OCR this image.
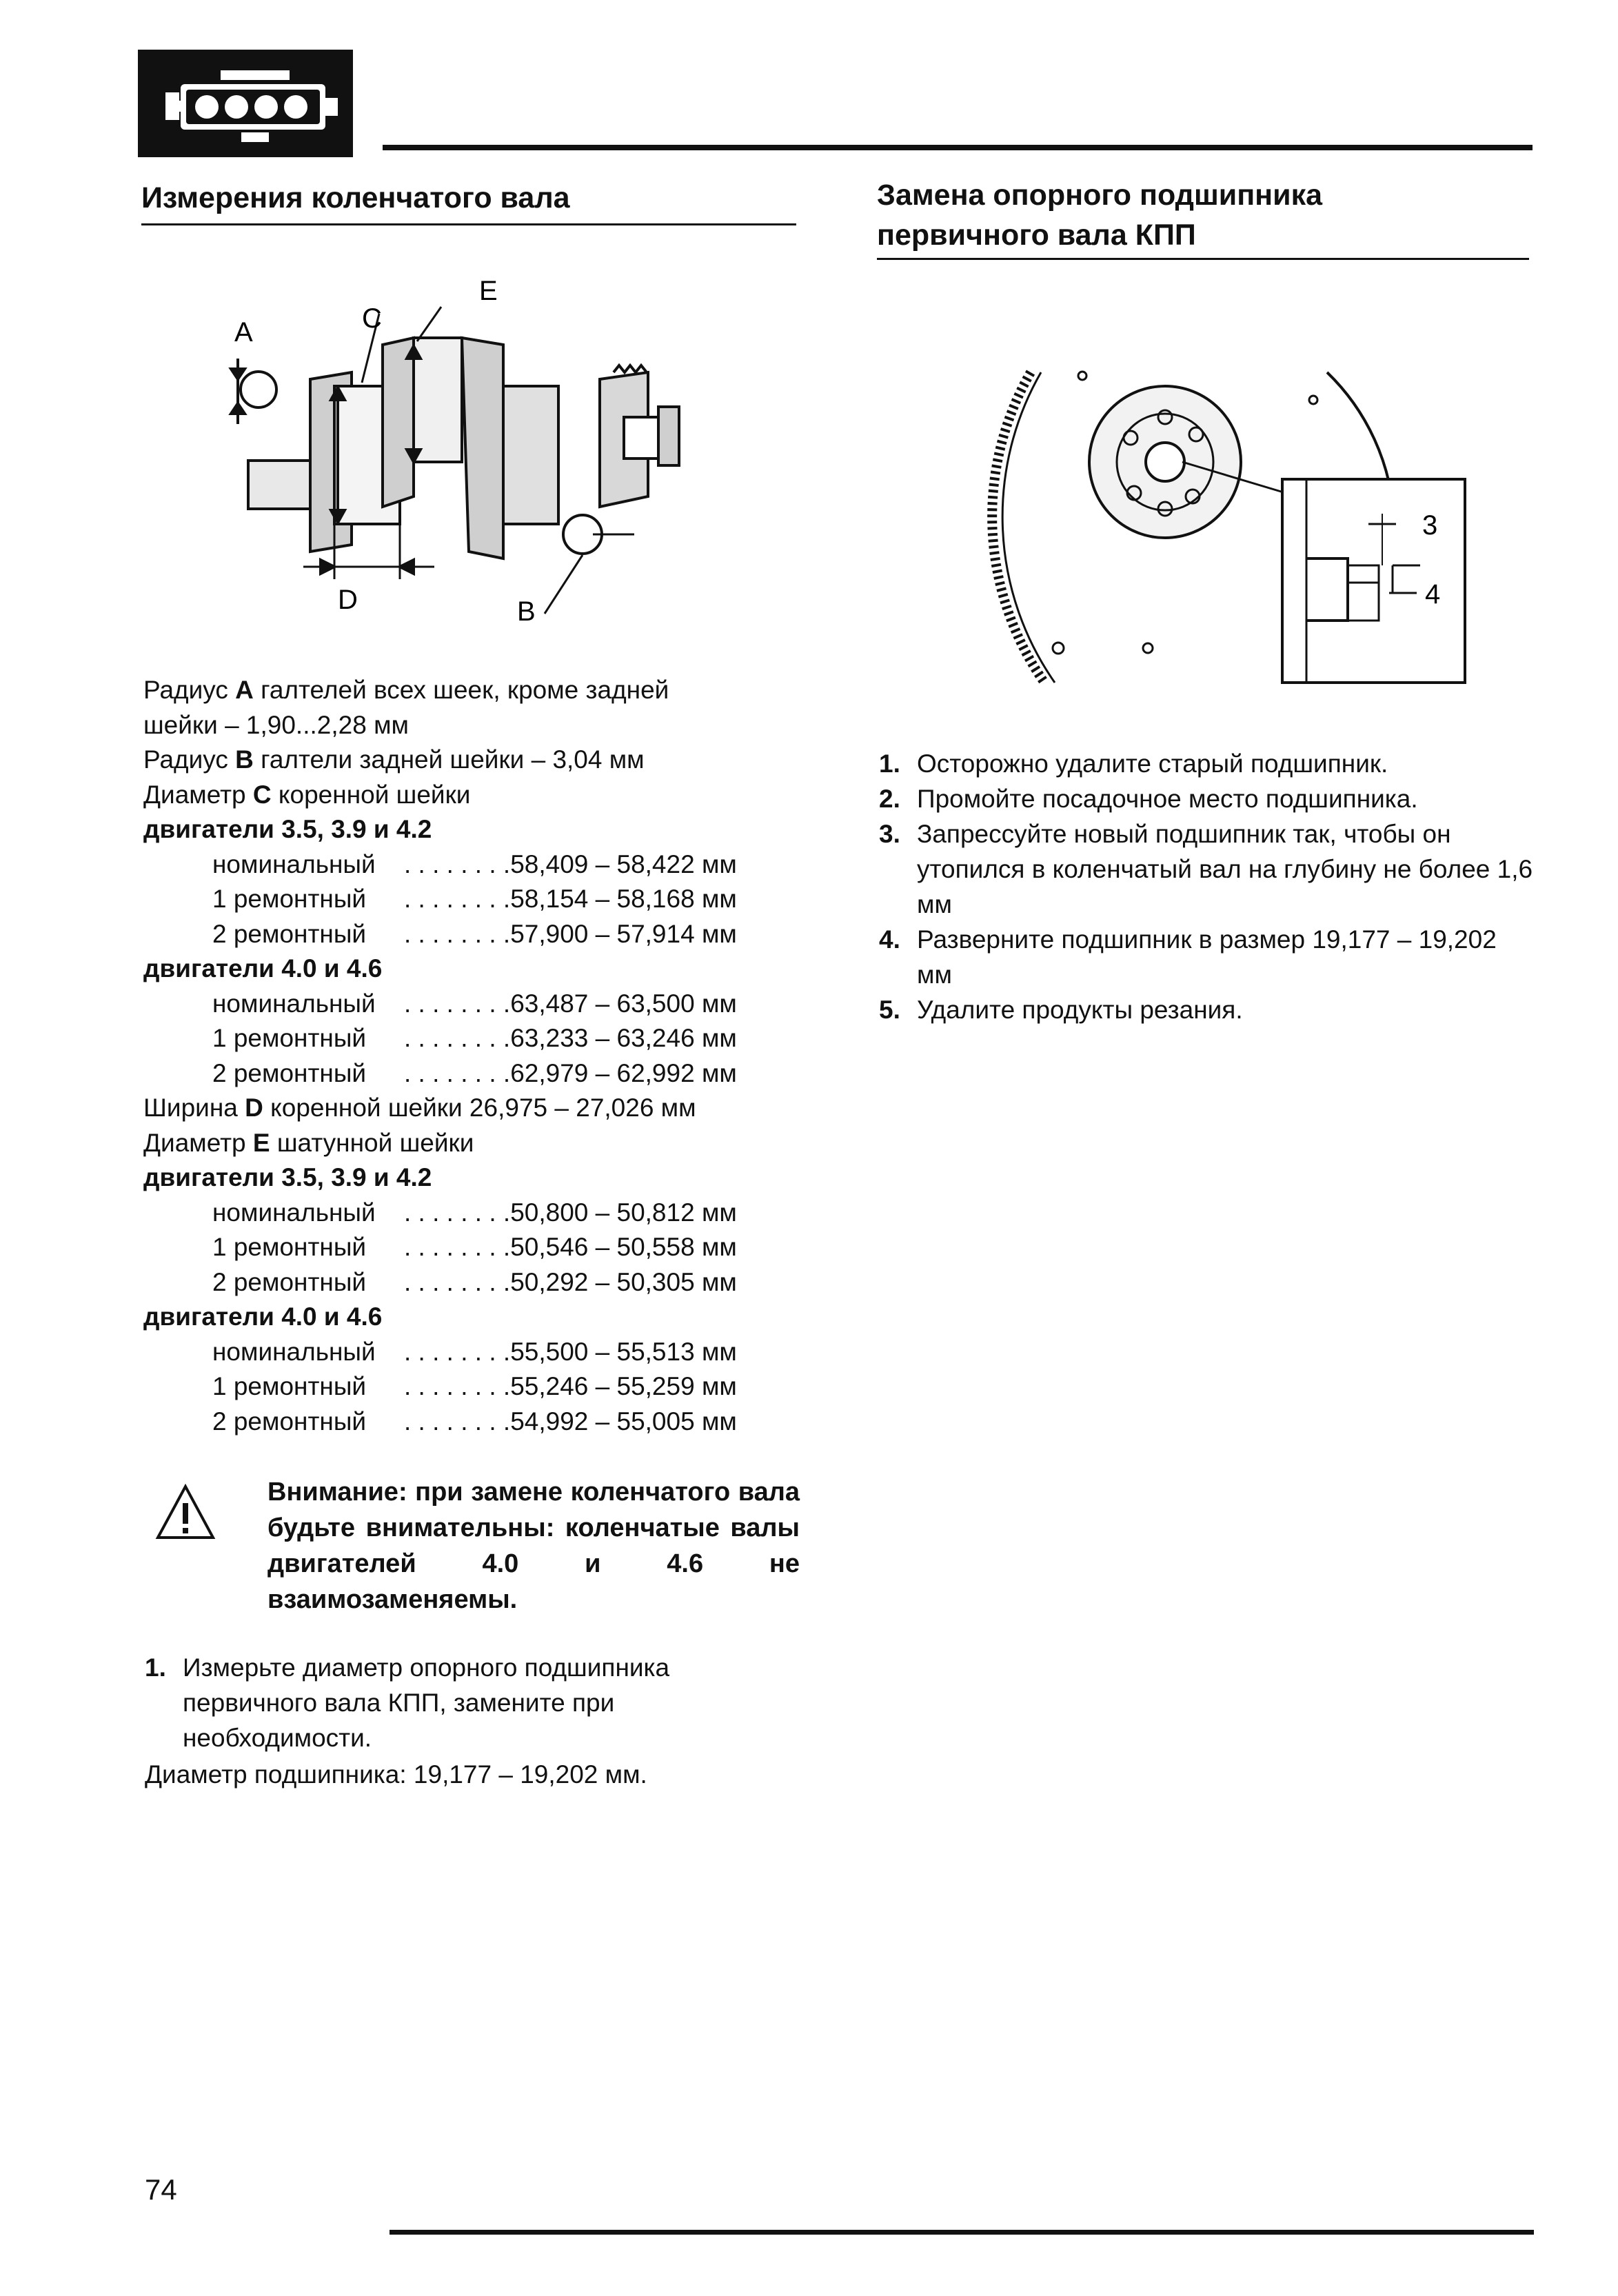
Измерения коленчатого вала	Замена опорного подшипника
первичного вала КПП
A	C
E
D	B
3
4
Радиус A галтелей всех шеек, кроме задней
шейки – 1,90...2,28 мм
Радиус B галтели задней шейки – 3,04 мм
Диаметр C коренной шейки
двигатели 3.5, 3.9 и 4.2
номинальный	. . . . . . . .58,409 – 58,422 мм
1 ремонтный	. . . . . . . .58,154 – 58,168 мм
2 ремонтный	. . . . . . . .57,900 – 57,914 мм
двигатели 4.0 и 4.6
номинальный	. . . . . . . .63,487 – 63,500 мм
1 ремонтный	. . . . . . . .63,233 – 63,246 мм
2 ремонтный	. . . . . . . .62,979 – 62,992 мм
Ширина D коренной шейки 26,975 – 27,026 мм
Диаметр E шатунной шейки
двигатели 3.5, 3.9 и 4.2
номинальный	. . . . . . . .50,800 – 50,812 мм
1 ремонтный	. . . . . . . .50,546 – 50,558 мм
2 ремонтный	. . . . . . . .50,292 – 50,305 мм
двигатели 4.0 и 4.6
номинальный	. . . . . . . .55,500 – 55,513 мм
1 ремонтный	. . . . . . . .55,246 – 55,259 мм
2 ремонтный	. . . . . . . .54,992 – 55,005 мм
Внимание: при замене коленчатого вала будьте внимательны: коленчатые валы двигателей 4.0 и 4.6 не взаимозаменяемы.
1. Измерьте диаметр опорного подшипника первичного вала КПП, замените при необходимости.
Диаметр подшипника: 19,177 – 19,202 мм.
1. Осторожно удалите старый подшипник.
2. Промойте посадочное место подшипника.
3. Запрессуйте новый подшипник так, чтобы он утопился в коленчатый вал на глубину не более 1,6 мм
4. Разверните подшипник в размер 19,177 – 19,202 мм
5. Удалите продукты резания.
74
